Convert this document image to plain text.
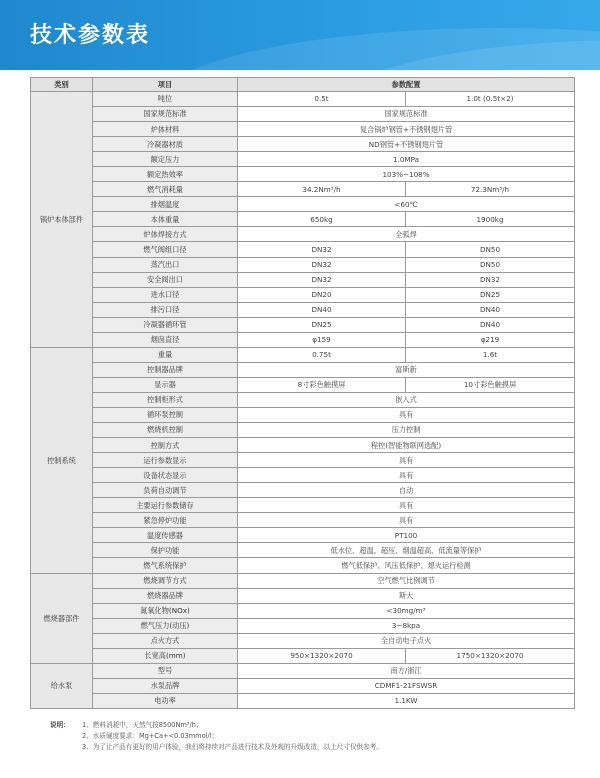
技术参数表
类别	项目	参数配置	
锅炉本体部件	吨位	0.5t	1.0t (0.5t×2)
	国家规范标准	国家规范标准	
	炉体材料	复合锅炉钢管+不锈钢翅片管	
	冷凝器材质	ND钢管+不锈钢翅片管	
	额定压力	1.0MPa	
	额定热效率	103%~108%	
	燃气消耗量	34.2Nm³/h	72.3Nm³/h
	排烟温度	<60℃	
	本体重量	650kg	1900kg
	炉体焊接方式	全弧焊	
	燃气阀组口径	DN32	DN50
	蒸汽出口	DN32	DN50
	安全阀出口	DN32	DN32
	进水口径	DN20	DN25
	排污口径	DN40	DN40
	冷凝器循环管	DN25	DN40
	烟囱直径	φ159	φ219
控制系统	重量	0.75t	1.6t
	控制器品牌	富斯新	
	显示器	8寸彩色触摸屏	10寸彩色触摸屏
	控制柜形式	嵌入式	
	循环泵控制	具有	
	燃烧机控制	压力控制	
	控制方式	程控(智能物联网选配)	
	运行参数显示	具有	
	设备状态显示	具有	
	负荷自动调节	自动	
	主要运行参数储存	具有	
	紧急停炉功能	具有	
	温度传感器	PT100	
	保护功能	低水位、超温、超压、烟温超高、低流量等保护	
	燃气系统保护	燃气低保护、风压低保护、熄火运行检测	
燃烧器部件	燃烧调节方式	空气燃气比例调节	
	燃烧器品牌	斯大	
	氮氧化物(NOx)	<30mg/m³	
	燃气压力(动压)	3~8kpa	
	点火方式	全自动电子点火	
	长宽高(mm)	950×1320×2070	1750×1320×2070
给水泵	型号	南方/浙江	
	水泵品牌	CDMF1-21FSWSR	
	电功率	1.1KW	
说明：	1、燃料消耗中，天然气按8500Nm³/h；
2、水质硬度要求：Mg+Ca+<0.03mmol/l；
3、为了让产品有更好的用户体验，我们将持续对产品进行技术及外观的升级改造，以上尺寸仅供参考。
